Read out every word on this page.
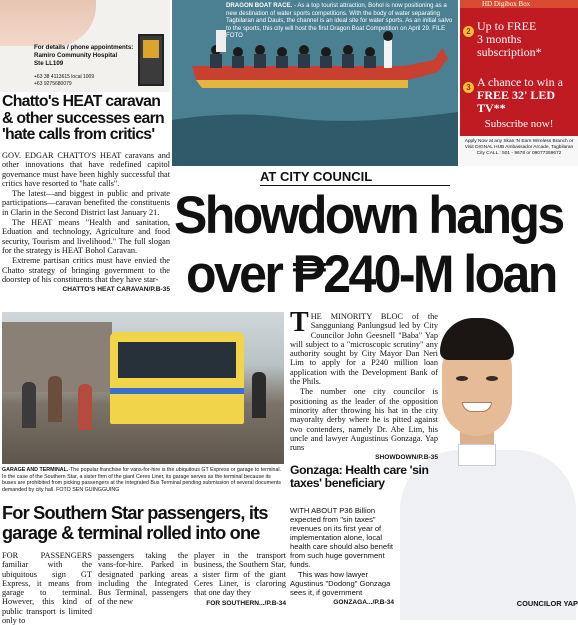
For details / phone appointments:
Ramiro Community Hospital
Ste LL109
+63 38 4113615 local 1009
+63 9275680079
DRAGON BOAT RACE. - As a top tourist attraction, Bohol is now positioning as a new destination of water sports competitions. With the body of water separating Tagbilaran and Dauis, the channel is an ideal site for water sports. As an initial salvo to the sports, this city will host the first Dragon Boat Competition on April 29. FILE FOTO
HD Digibox Box
2 Up to FREE
3 months subscription*
3 A chance to win a
FREE 32' LED TV**
Subscribe now!
Apply Now at any Skan 'N Earn Wireless Branch or Visit DIGNAL HUB Ambassador Arcade, Tagbilaran City CALL : 501 - 9678 or 09077359672
Chatto's HEAT caravan & other successes earn 'hate calls from critics'

GOV. EDGAR CHATTO'S HEAT caravans and other innovations that have redefined capitol governance must have been highly successful that critics have resorted to "hate calls".

The latest—and biggest in public and private participations—caravan benefited the constituents in Clarin in the Second District last January 21.

The HEAT means "Health and sanitation, Eduation and technology, Agriculture and food security, Tourism and livelihood." The full slogan for the strategy is HEAT Bohol Caravan.

Extreme partisan critics must have envied the Chatto strategy of bringing government to the doorstep of his constituents that they have star-

CHATTO'S HEAT CARAVAN/P.B-35
AT CITY COUNCIL
Showdown hangs
over ₱240-M loan
GARAGE AND TERMINAL.-The popular franchise for vans-for-hire is the ubiquitous GT Express or garage to terminal. In the case of the Southern Star, a sister firm of the giant Ceres Liner, its garage serves as the terminal because its buses are prohibited from picking passengers at the Integrated Bus Terminal pending submission of several documents demanded by city hall. FOTO SEN GUINGGUING
For Southern Star passengers, its garage & terminal rolled into one
FOR PASSENGERS familiar with the ubiquitous sign GT Express, it means from garage to terminal. However, this kind of public transport is limited only to
passengers taking the vans-for-hire. Parked in designated parking areas including the Integrated Bus Terminal, passengers of the new
player in the transport business, the Southern Star, a sister firm of the giant Ceres Liner, is claroring that one day they
FOR SOUTHERN.../P.B-34

THE MINORITY BLOC of the Sangguniang Panlungsud led by City Councilor John Geesnell "Baba" Yap will subject to a "microscopic scrutiny" any authority sought by City Mayor Dan Neri Lim to apply for a P240 million loan application with the Development Bank of the Phils.

The number one city councilor is positioning as the leader of the opposition minority after throwing his hat in the city mayoralty derby where he is pitted against two contenders, namely Dr. Abe Lim, his uncle and lawyer Augustinus Gonzaga. Yap runs

SHOWDOWN/P.B-35
Gonzaga: Health care 'sin taxes' beneficiary

WITH ABOUT P36 Billion expected from "sin taxes" revenues on its first year of implementation alone, local health care should also benefit from such huge government funds.

This was how lawyer Agustinus "Dodong" Gonzaga sees it, if government

GONZAGA.../P.B-34	COUNCILOR YAP
